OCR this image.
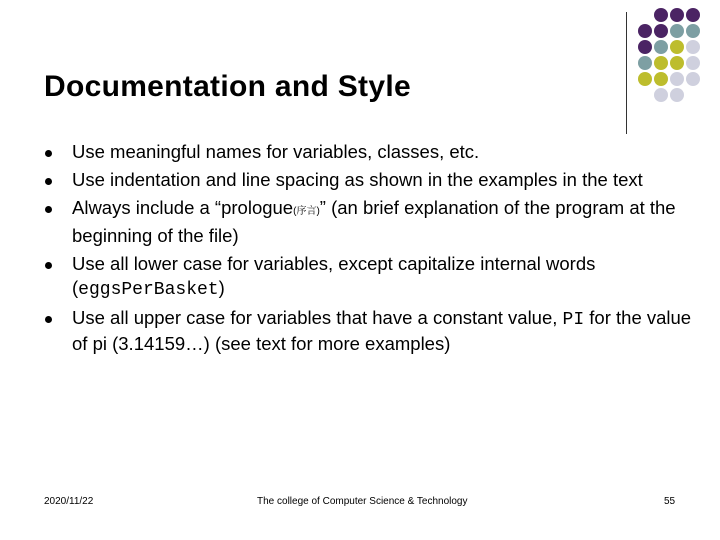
Documentation and Style
Use meaningful names for variables, classes, etc.
Use indentation and line spacing as shown in the examples in the text
Always include a “prologue(序言)” (an brief explanation of the program at the beginning of the file)
Use all lower case for variables, except capitalize internal words (eggsPerBasket)
Use all upper case for variables that have a constant value, PI for the value of pi (3.14159…) (see text for more examples)
2020/11/22	The college of Computer Science & Technology	55
